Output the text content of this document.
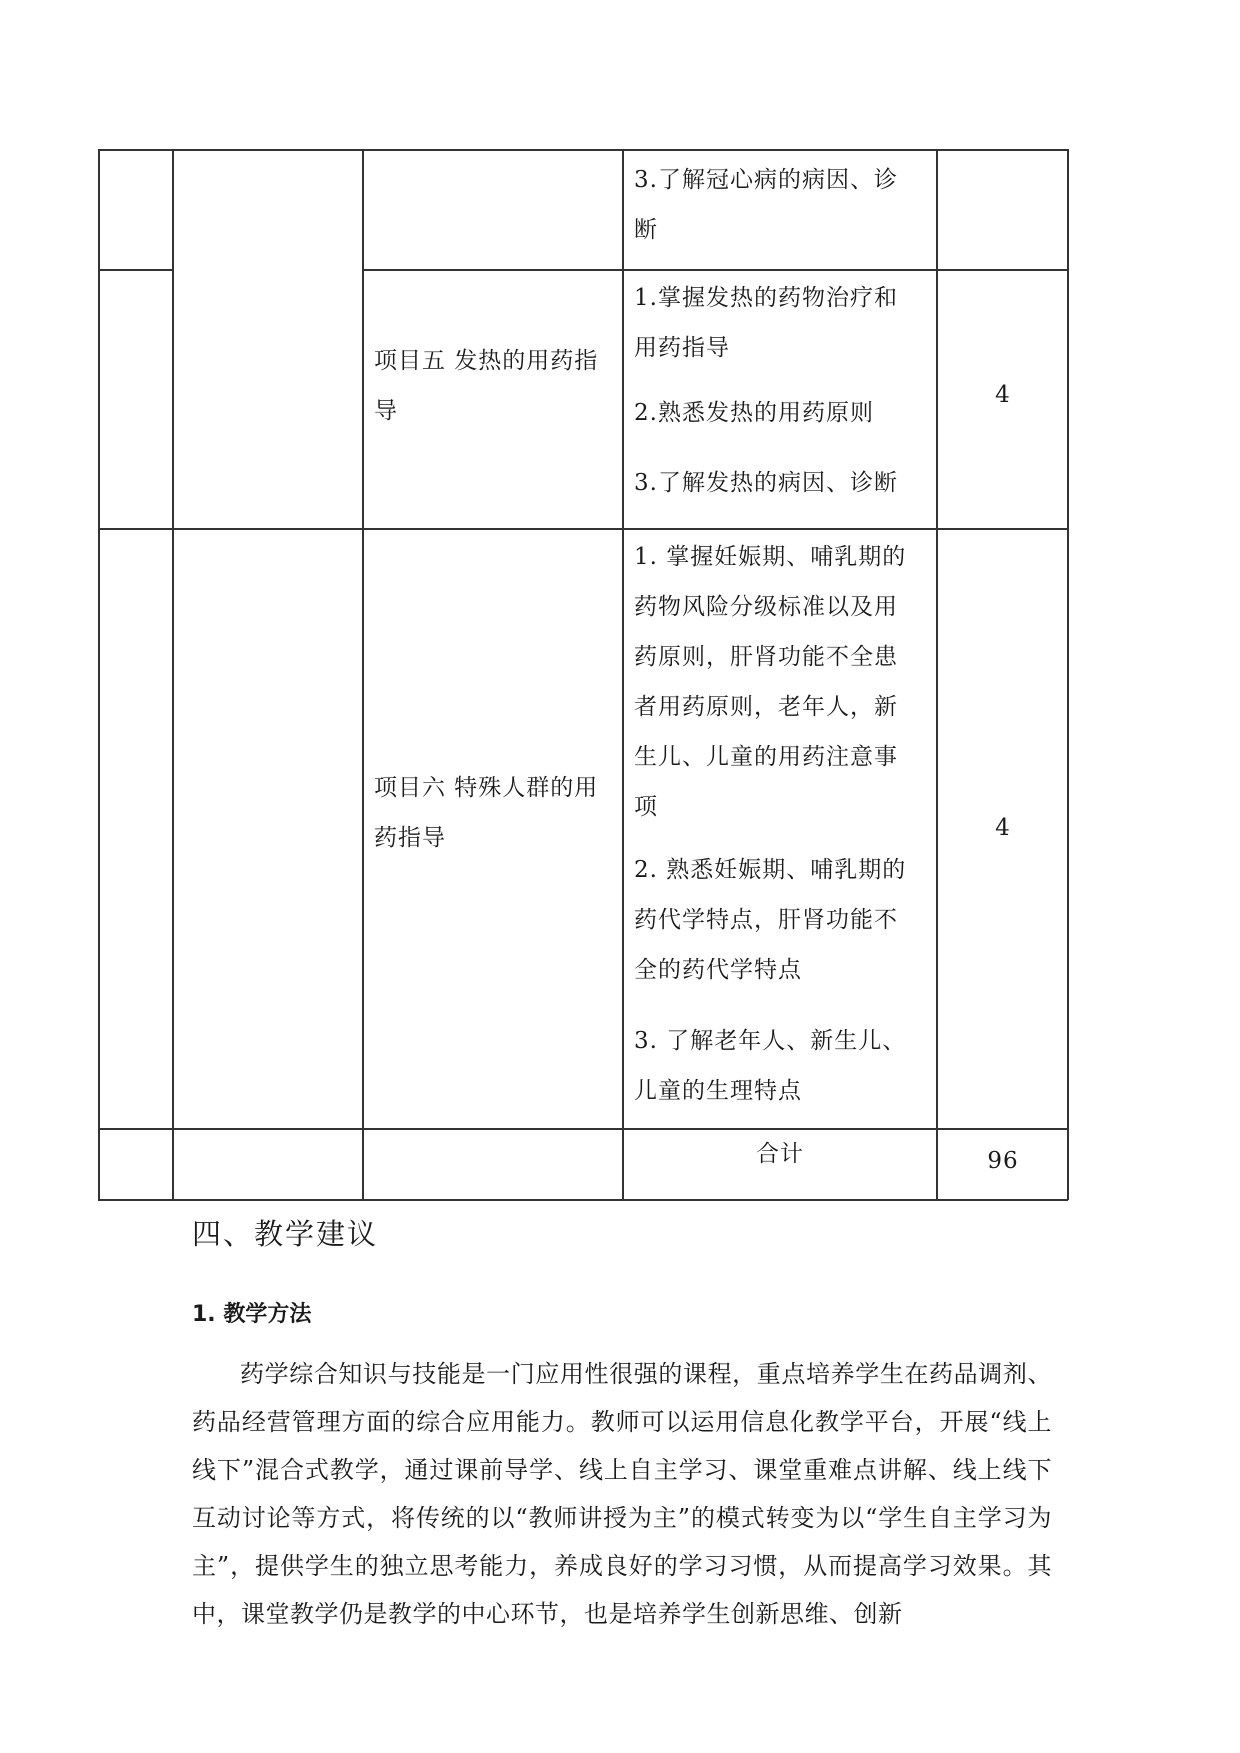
3.了解冠心病的病因、诊断
项目五 发热的用药指导
1.掌握发热的药物治疗和用药指导
2.熟悉发热的用药原则
3.了解发热的病因、诊断
4
项目六 特殊人群的用药指导
1. 掌握妊娠期、哺乳期的药物风险分级标准以及用药原则，肝肾功能不全患者用药原则，老年人，新生儿、儿童的用药注意事项
2. 熟悉妊娠期、哺乳期的药代学特点，肝肾功能不全的药代学特点
3. 了解老年人、新生儿、儿童的生理特点
4
合计	96
四、教学建议
1. 教学方法
药学综合知识与技能是一门应用性很强的课程，重点培养学生在药品调剂、药品经营管理方面的综合应用能力。教师可以运用信息化教学平台，开展“线上线下”混合式教学，通过课前导学、线上自主学习、课堂重难点讲解、线上线下互动讨论等方式，将传统的以“教师讲授为主”的模式转变为以“学生自主学习为主”，提供学生的独立思考能力，养成良好的学习习惯，从而提高学习效果。其中，课堂教学仍是教学的中心环节，也是培养学生创新思维、创新
